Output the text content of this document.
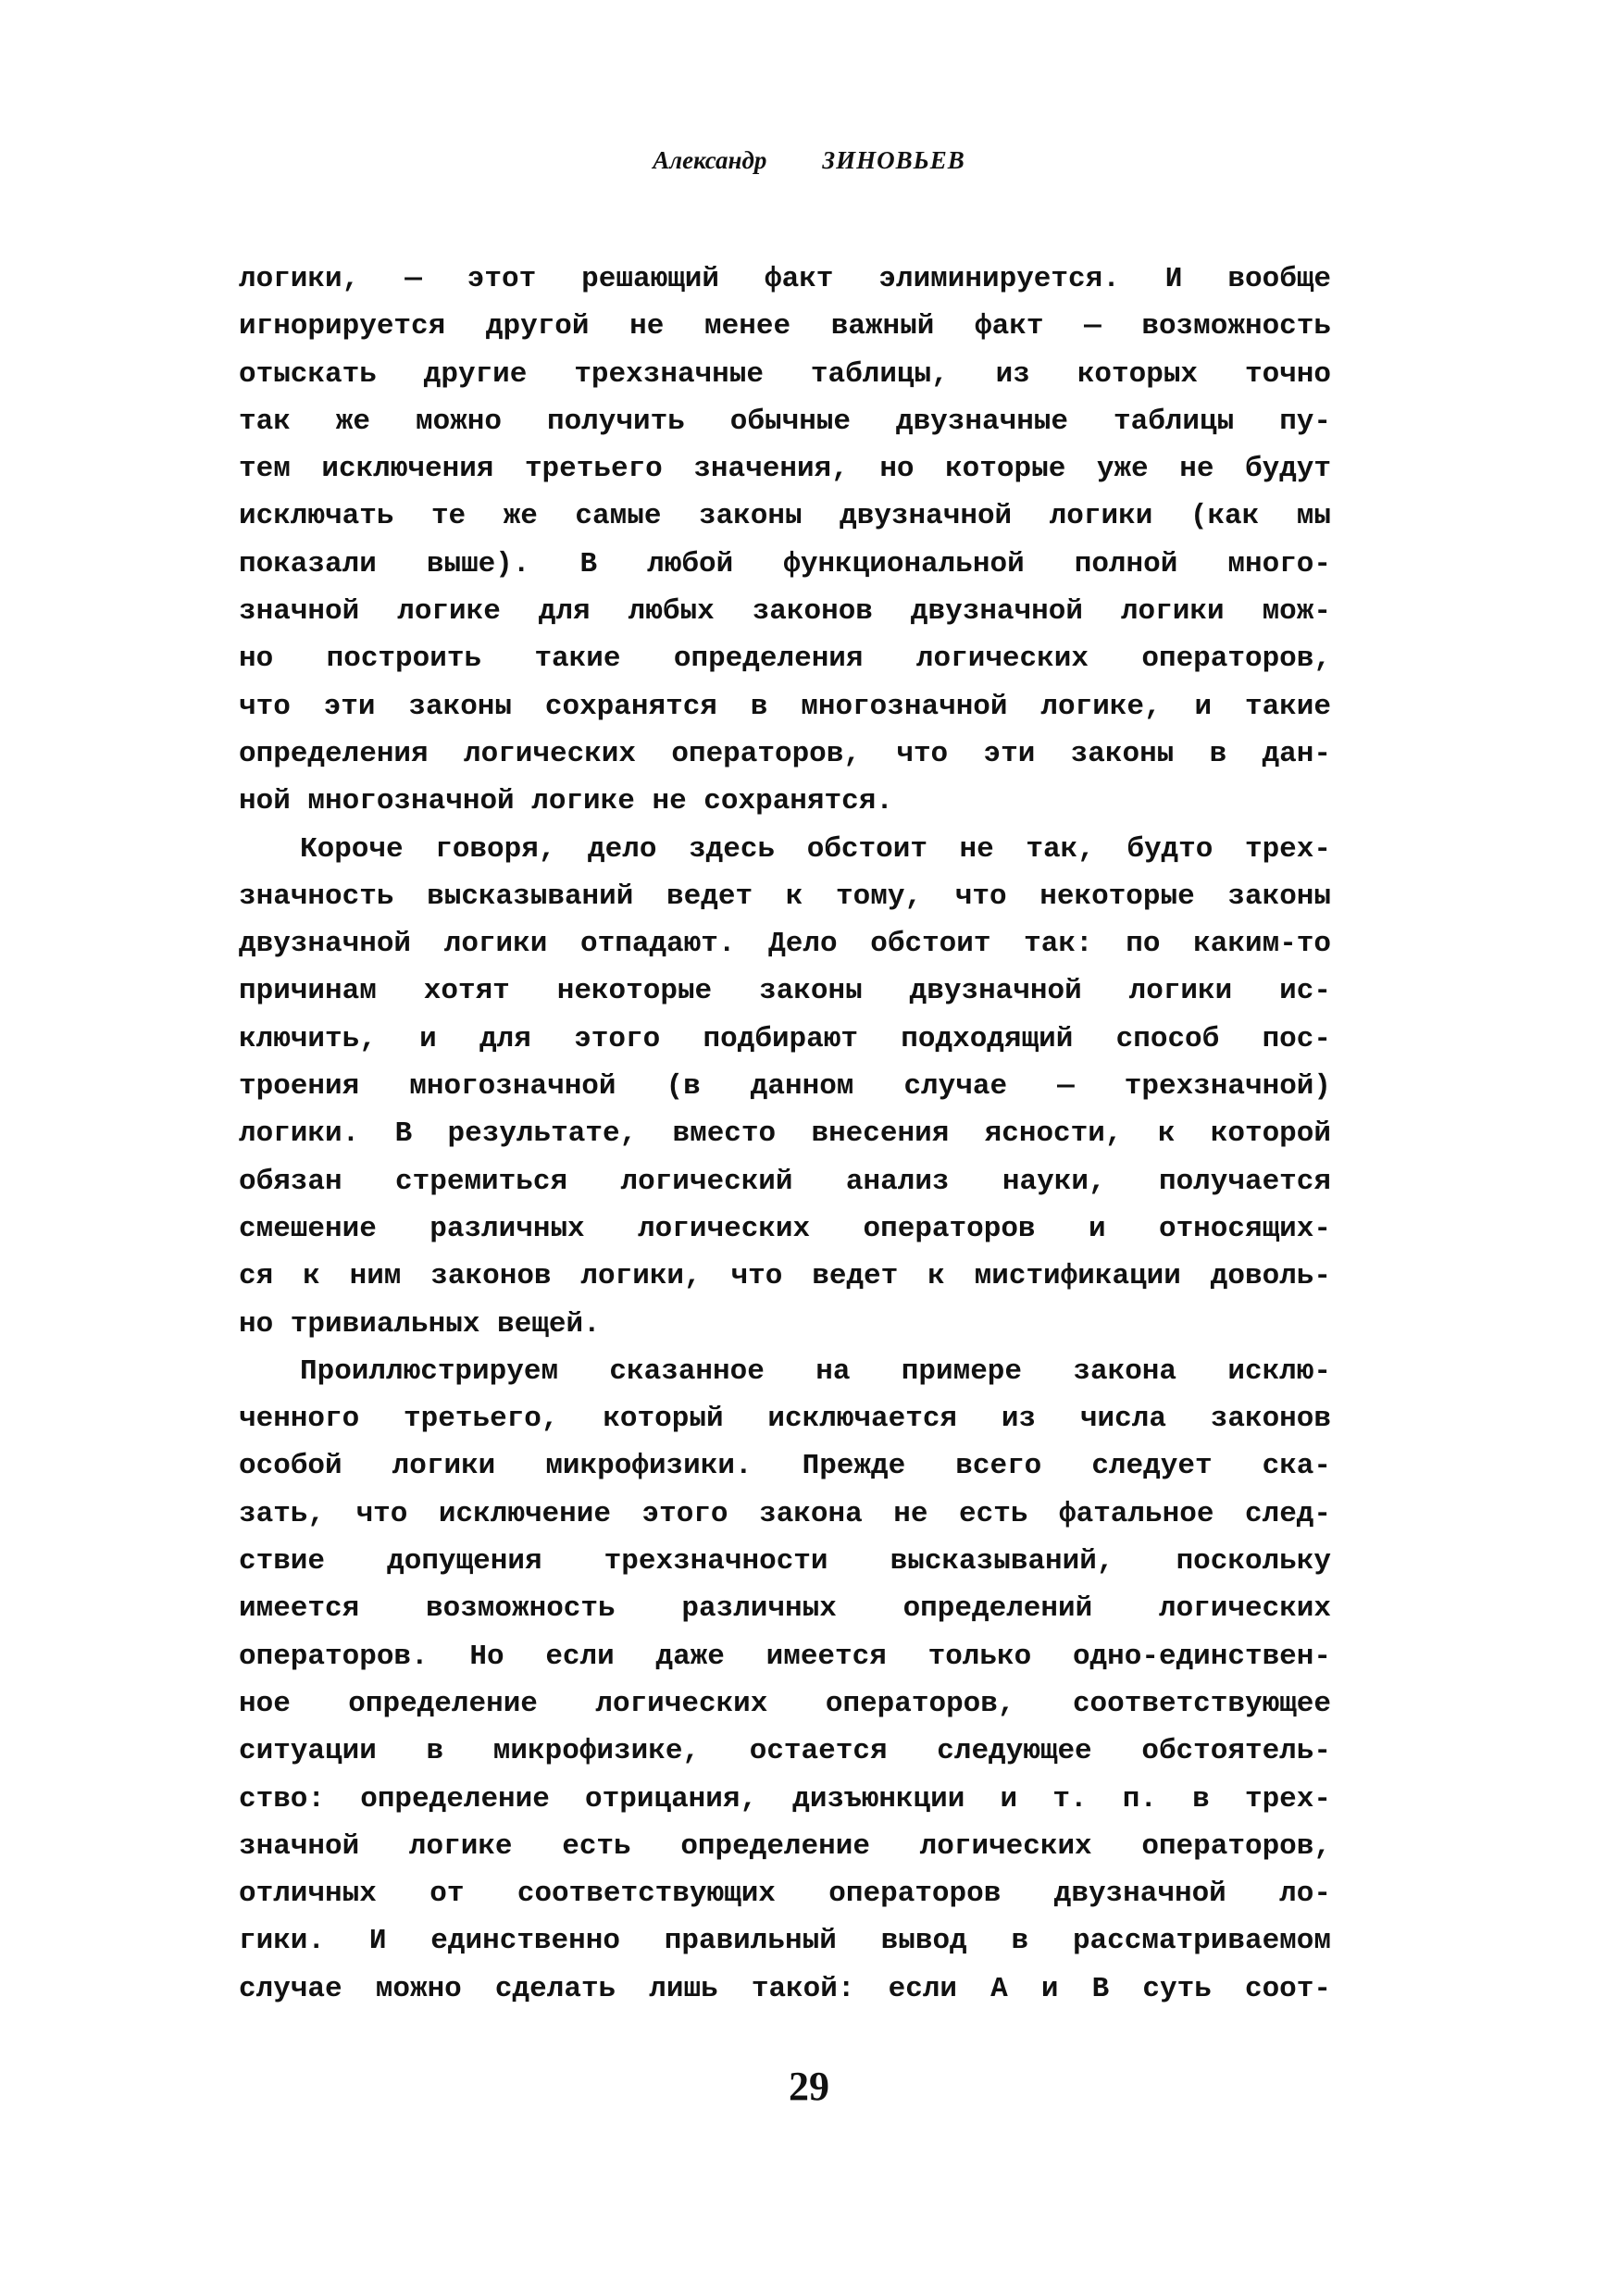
Александр ЗИНОВЬЕВ
логики, — этот решающий факт элиминируется. И вообще
игнорируется другой не менее важный факт — возможность
отыскать другие трехзначные таблицы, из которых точно
так же можно получить обычные двузначные таблицы пу-
тем исключения третьего значения, но которые уже не будут
исключать те же самые законы двузначной логики (как мы
показали выше). В любой функциональной полной много-
значной логике для любых законов двузначной логики мож-
но построить такие определения логических операторов,
что эти законы сохранятся в многозначной логике, и такие
определения логических операторов, что эти законы в дан-
ной многозначной логике не сохранятся.
Короче говоря, дело здесь обстоит не так, будто трех-
значность высказываний ведет к тому, что некоторые законы
двузначной логики отпадают. Дело обстоит так: по каким-то
причинам хотят некоторые законы двузначной логики ис-
ключить, и для этого подбирают подходящий способ пос-
троения многозначной (в данном случае — трехзначной)
логики. В результате, вместо внесения ясности, к которой
обязан стремиться логический анализ науки, получается
смешение различных логических операторов и относящих-
ся к ним законов логики, что ведет к мистификации доволь-
но тривиальных вещей.
Проиллюстрируем сказанное на примере закона исклю-
ченного третьего, который исключается из числа законов
особой логики микрофизики. Прежде всего следует ска-
зать, что исключение этого закона не есть фатальное след-
ствие допущения трехзначности высказываний, поскольку
имеется возможность различных определений логических
операторов. Но если даже имеется только одно-единствен-
ное определение логических операторов, соответствующее
ситуации в микрофизике, остается следующее обстоятель-
ство: определение отрицания, дизъюнкции и т. п. в трех-
значной логике есть определение логических операторов,
отличных от соответствующих операторов двузначной ло-
гики. И единственно правильный вывод в рассматриваемом
случае можно сделать лишь такой: если А и В суть соот-
29
